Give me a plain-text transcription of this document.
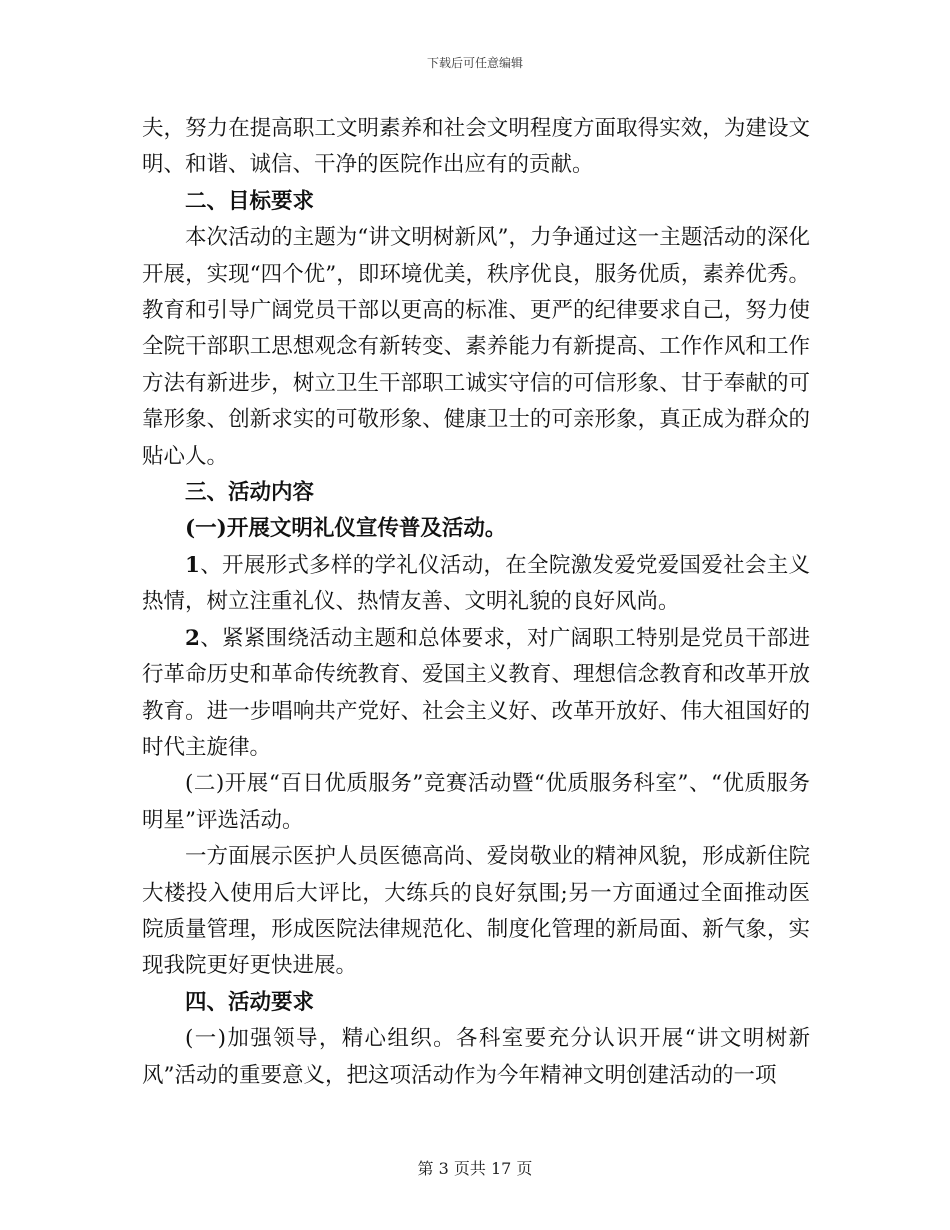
下载后可任意编辑

夫，努力在提高职工文明素养和社会文明程度方面取得实效，为建设文明、和谐、诚信、干净的医院作出应有的贡献。

二、目标要求

本次活动的主题为“讲文明树新风”，力争通过这一主题活动的深化开展，实现“四个优”，即环境优美，秩序优良，服务优质，素养优秀。教育和引导广阔党员干部以更高的标准、更严的纪律要求自己，努力使全院干部职工思想观念有新转变、素养能力有新提高、工作作风和工作方法有新进步，树立卫生干部职工诚实守信的可信形象、甘于奉献的可靠形象、创新求实的可敬形象、健康卫士的可亲形象，真正成为群众的贴心人。

三、活动内容

(一)开展文明礼仪宣传普及活动。

1、开展形式多样的学礼仪活动，在全院激发爱党爱国爱社会主义热情，树立注重礼仪、热情友善、文明礼貌的良好风尚。

2、紧紧围绕活动主题和总体要求，对广阔职工特别是党员干部进行革命历史和革命传统教育、爱国主义教育、理想信念教育和改革开放教育。进一步唱响共产党好、社会主义好、改革开放好、伟大祖国好的时代主旋律。

(二)开展“百日优质服务”竞赛活动暨“优质服务科室”、“优质服务明星”评选活动。

一方面展示医护人员医德高尚、爱岗敬业的精神风貌，形成新住院大楼投入使用后大评比，大练兵的良好氛围;另一方面通过全面推动医院质量管理，形成医院法律规范化、制度化管理的新局面、新气象，实现我院更好更快进展。

四、活动要求

(一)加强领导，精心组织。各科室要充分认识开展“讲文明树新风”活动的重要意义，把这项活动作为今年精神文明创建活动的一项

第 3 页共 17 页
